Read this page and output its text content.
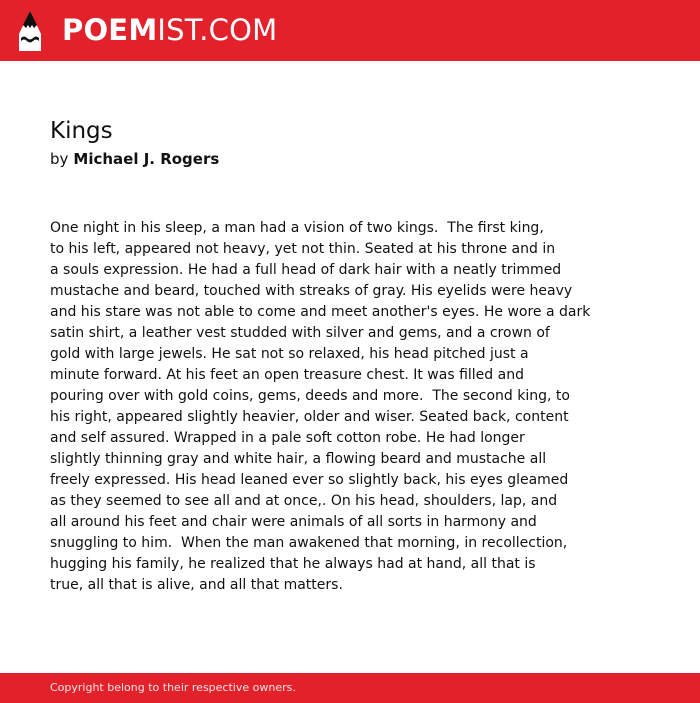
POEMIST.COM
Kings
by Michael J. Rogers
One night in his sleep, a man had a vision of two kings.  The first king,
to his left, appeared not heavy, yet not thin. Seated at his throne and in
a souls expression. He had a full head of dark hair with a neatly trimmed
mustache and beard, touched with streaks of gray. His eyelids were heavy
and his stare was not able to come and meet another's eyes. He wore a dark
satin shirt, a leather vest studded with silver and gems, and a crown of
gold with large jewels. He sat not so relaxed, his head pitched just a
minute forward. At his feet an open treasure chest. It was filled and
pouring over with gold coins, gems, deeds and more.  The second king, to
his right, appeared slightly heavier, older and wiser. Seated back, content
and self assured. Wrapped in a pale soft cotton robe. He had longer
slightly thinning gray and white hair, a flowing beard and mustache all
freely expressed. His head leaned ever so slightly back, his eyes gleamed
as they seemed to see all and at once,. On his head, shoulders, lap, and
all around his feet and chair were animals of all sorts in harmony and
snuggling to him.  When the man awakened that morning, in recollection,
hugging his family, he realized that he always had at hand, all that is
true, all that is alive, and all that matters.
Copyright belong to their respective owners.
